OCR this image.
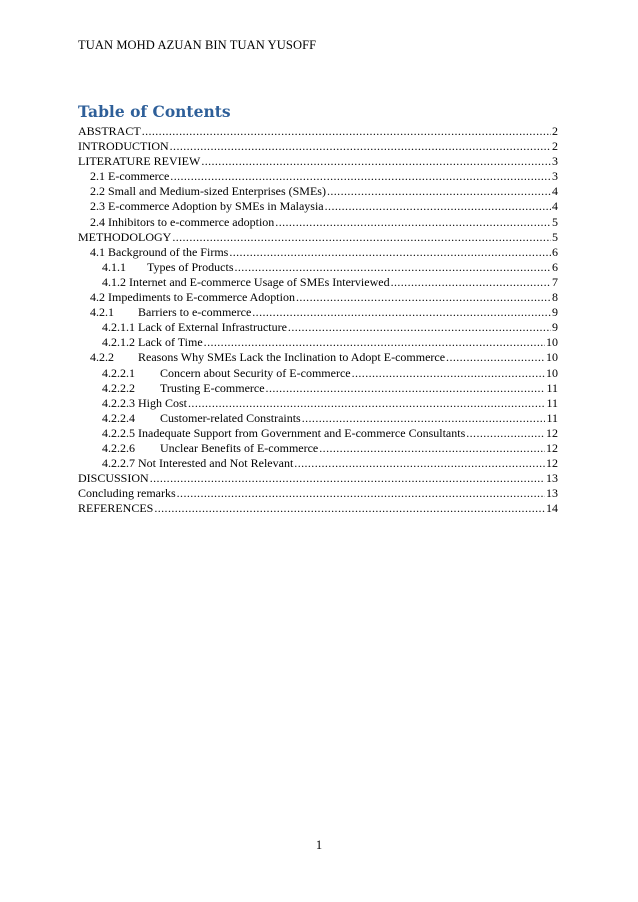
TUAN MOHD AZUAN BIN TUAN YUSOFF
Table of Contents
ABSTRACT .....	2
INTRODUCTION .....	2
LITERATURE REVIEW .....	3
2.1 E-commerce .....	3
2.2 Small and Medium-sized Enterprises (SMEs) .....	4
2.3 E-commerce Adoption by SMEs in Malaysia .....	4
2.4 Inhibitors to e-commerce adoption .....	5
METHODOLOGY .....	5
4.1 Background of the Firms .....	6
4.1.1	Types of Products .....	6
4.1.2 Internet and E-commerce Usage of SMEs Interviewed .....	7
4.2 Impediments to E-commerce Adoption .....	8
4.2.1	Barriers to e-commerce .....	9
4.2.1.1 Lack of External Infrastructure .....	9
4.2.1.2 Lack of Time .....	10
4.2.2	Reasons Why SMEs Lack the Inclination to Adopt E-commerce .....	10
4.2.2.1	Concern about Security of E-commerce .....	10
4.2.2.2	Trusting E-commerce .....	11
4.2.2.3 High Cost .....	11
4.2.2.4	Customer-related Constraints .....	11
4.2.2.5 Inadequate Support from Government and E-commerce Consultants .....	12
4.2.2.6	Unclear Benefits of E-commerce .....	12
4.2.2.7 Not Interested and Not Relevant .....	12
DISCUSSION .....	13
Concluding remarks .....	13
REFERENCES .....	14
1
